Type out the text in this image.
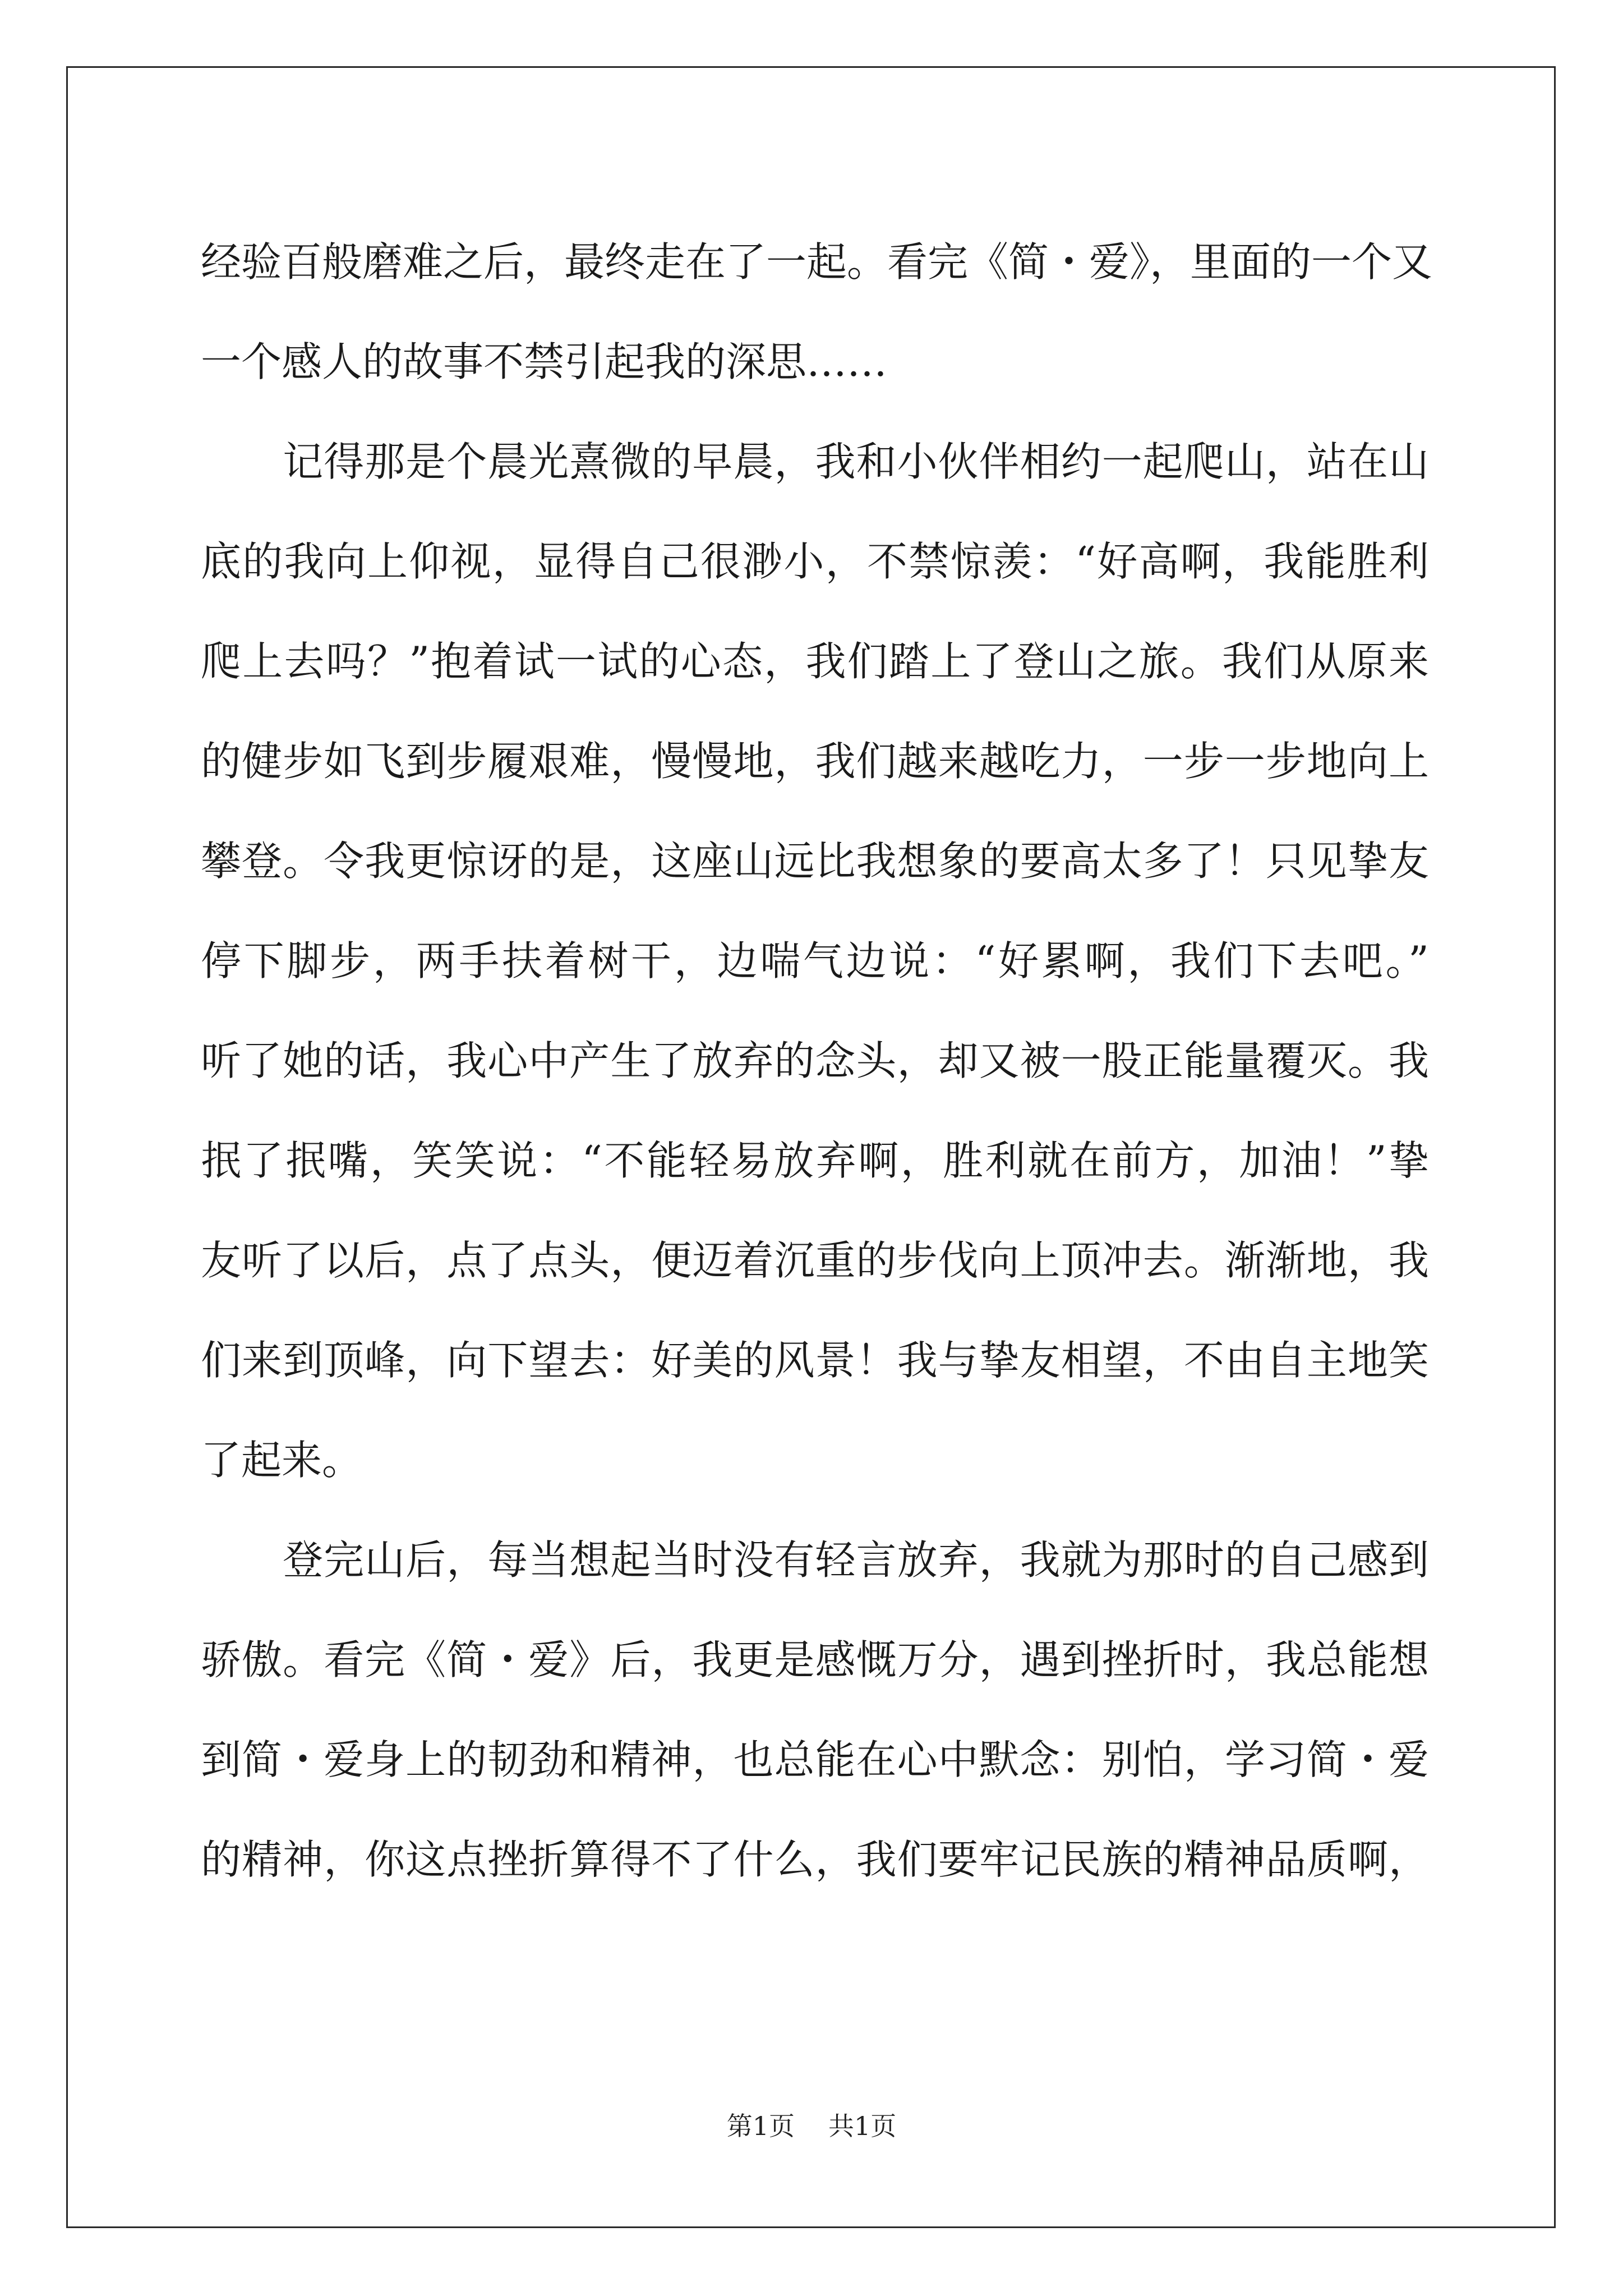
经验百般磨难之后，最终走在了一起。看完《简・爱》，里面的一个又
一个感人的故事不禁引起我的深思……
　　记得那是个晨光熹微的早晨，我和小伙伴相约一起爬山，站在山
底的我向上仰视，显得自己很渺小，不禁惊羡：“好高啊，我能胜利
爬上去吗？”抱着试一试的心态，我们踏上了登山之旅。我们从原来
的健步如飞到步履艰难，慢慢地，我们越来越吃力，一步一步地向上
攀登。令我更惊讶的是，这座山远比我想象的要高太多了！只见挚友
停下脚步，两手扶着树干，边喘气边说：“好累啊，我们下去吧。”
听了她的话，我心中产生了放弃的念头，却又被一股正能量覆灭。我
抿了抿嘴，笑笑说：“不能轻易放弃啊，胜利就在前方，加油！”挚
友听了以后，点了点头，便迈着沉重的步伐向上顶冲去。渐渐地，我
们来到顶峰，向下望去：好美的风景！我与挚友相望，不由自主地笑
了起来。
　　登完山后，每当想起当时没有轻言放弃，我就为那时的自己感到
骄傲。看完《简・爱》后，我更是感慨万分，遇到挫折时，我总能想
到简・爱身上的韧劲和精神，也总能在心中默念：别怕，学习简・爱
的精神，你这点挫折算得不了什么，我们要牢记民族的精神品质啊，
第1页 共1页
